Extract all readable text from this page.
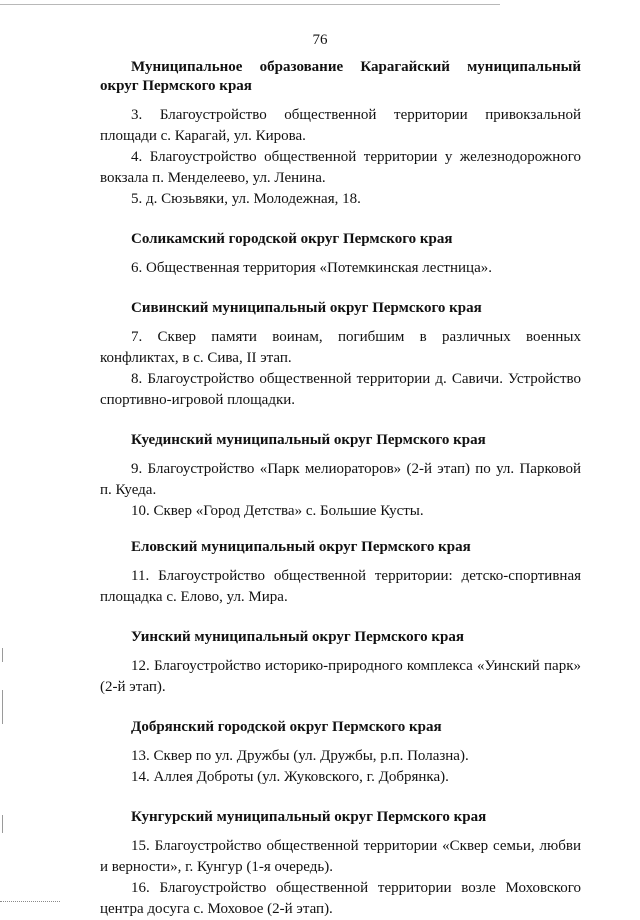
76

Муниципальное образование Карагайский муниципальный округ Пермского края

3. Благоустройство общественной территории привокзальной площади с. Карагай, ул. Кирова.

4. Благоустройство общественной территории у железнодорожного вокзала п. Менделеево, ул. Ленина.

5. д. Сюзьвяки, ул. Молодежная, 18.

Соликамский городской округ Пермского края

6. Общественная территория «Потемкинская лестница».

Сивинский муниципальный округ Пермского края

7. Сквер памяти воинам, погибшим в различных военных конфликтах, в с. Сива, II этап.

8. Благоустройство общественной территории д. Савичи. Устройство спортивно-игровой площадки.

Куединский муниципальный округ Пермского края

9. Благоустройство «Парк мелиораторов» (2-й этап) по ул. Парковой п. Куеда.

10. Сквер «Город Детства» с. Большие Кусты.

Еловский муниципальный округ Пермского края

11. Благоустройство общественной территории: детско-спортивная площадка с. Елово, ул. Мира.

Уинский муниципальный округ Пермского края

12. Благоустройство историко-природного комплекса «Уинский парк» (2-й этап).

Добрянский городской округ Пермского края

13. Сквер по ул. Дружбы (ул. Дружбы, р.п. Полазна).

14. Аллея Доброты (ул. Жуковского, г. Добрянка).

Кунгурский муниципальный округ Пермского края

15. Благоустройство общественной территории «Сквер семьи, любви и верности», г. Кунгур (1-я очередь).

16. Благоустройство общественной территории возле Моховского центра досуга с. Моховое (2-й этап).
